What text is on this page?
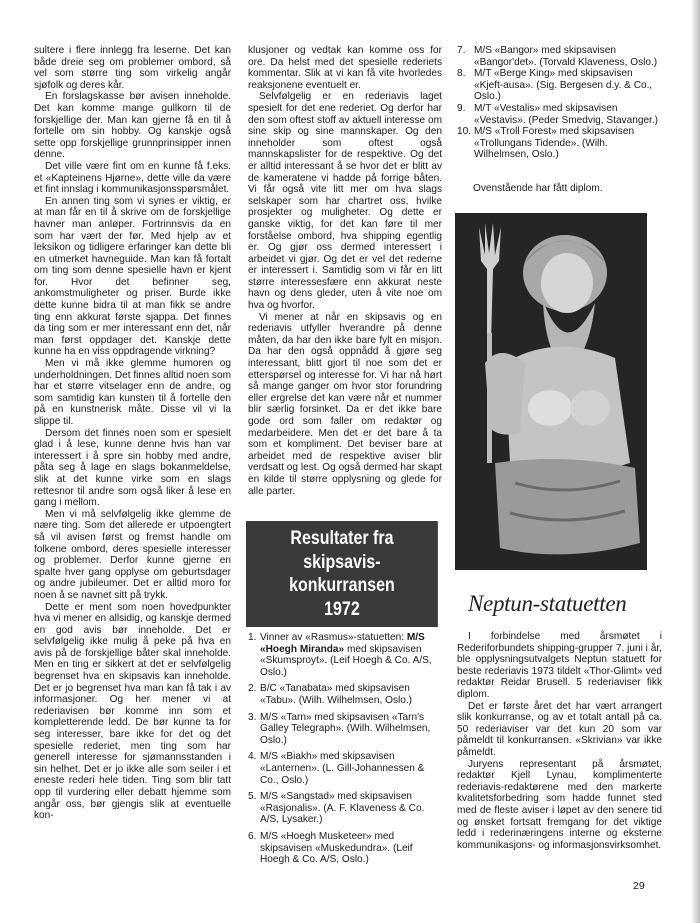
sultere i flere innlegg fra leserne. Det kan både dreie seg om problemer ombord, så vel som større ting som virkelig angår sjøfolk og deres kår.

En forslagskasse bør avisen inneholde. Det kan komme mange gullkorn til de forskjellige der. Man kan gjerne få en til å fortelle om sin hobby. Og kanskje også sette opp forskjellige grunnprinsipper innen denne.

Det ville være fint om en kunne få f.eks. et «Kapteinens Hjørne», dette ville da være et fint innslag i kommunikasjonsspørsmålet.

En annen ting som vi synes er viktig, er at man får en til å skrive om de forskjellige havner man anløper. Fortrinnsvis da en som har vært der før. Med hjelp av et leksikon og tidligere erfaringer kan dette bli en utmerket havneguide. Man kan få fortalt om ting som denne spesielle havn er kjent for. Hvor det befinner seg, ankomstmuligheter og priser. Burde ikke dette kunne bidra til at man fikk se andre ting enn akkurat første sjappa. Det finnes da ting som er mer interessant enn det, når man først oppdager det. Kanskje dette kunne ha en viss oppdragende virkning?

Men vi må ikke glemme humoren og underholdningen. Det finnes alltid noen som har et større vitselager enn de andre, og som samtidig kan kunsten til å fortelle den på en kunstnerisk måte. Disse vil vi la slippe til.

Dersom det finnes noen som er spesielt glad i å lese, kunne denne hvis han var interessert i å spre sin hobby med andre, påta seg å lage en slags bokanmeldelse, slik at det kunne virke som en slags rettesnor til andre som også liker å lese en gang i mellom.

Men vi må selvfølgelig ikke glemme de nære ting. Som det allerede er utpoengtert så vil avisen først og fremst handle om folkene ombord, deres spesielle interesser og problemer. Derfor kunne gjerne en spalte hver gang opplyse om geburtsdager og andre jubileumer. Det er alltid moro for noen å se navnet sitt på trykk.

Dette er ment som noen hovedpunkter hva vi mener en allsidig, og kanskje dermed en god avis bør inneholde. Det er selvfølgelig ikke mulig å peke på hva en avis på de forskjellige båter skal inneholde. Men en ting er sikkert at det er selvfølgelig begrenset hva en skipsavis kan inneholde. Det er jo begrenset hva man kan få tak i av informasjoner. Og her mener vi at rederiavisen bør komme inn som et kompletterende ledd. De bør kunne ta for seg interesser, bare ikke for det og det spesielle rederiet, men ting som har generell interesse for sjømannsstanden i sin helhet. Det er jo ikke alle som seiler i et eneste rederi hele tiden. Ting som blir tatt opp til vurdering eller debatt hjemme som angår oss, bør gjengis slik at eventuelle kon-

klusjoner og vedtak kan komme oss for ore. Da helst med det spesielle rederiets kommentar. Slik at vi kan få vite hvorledes reaksjonene eventuelt er.

Selvfølgelig er en rederiavis laget spesielt for det ene rederiet. Og derfor har den som oftest stoff av aktuell interesse om sine skip og sine mannskaper. Og den inneholder som oftest også mannskapslister for de respektive. Og det er alltid interessant å se hvor det er blitt av de kameratene vi hadde på forrige båten. Vi får også vite litt mer om hva slags selskaper som har chartret oss, hvilke prosjekter og muligheter. Og dette er ganske viktig, for det kan føre til mer forståelse ombord, hva shipping egentlig er. Og gjør oss dermed interessert i arbeidet vi gjør. Og det er vel det rederne er interessert i. Samtidig som vi får en litt større interessesfære enn akkurat neste havn og dens gleder, uten å vite noe om hva og hvorfor.

Vi mener at når en skipsavis og en rederiavis utfyller hverandre på denne måten, da har den ikke bare fylt en misjon. Da har den også oppnådd å gjøre seg interessant, blitt gjort til noe som det er etterspørsel og interesse for. Vi har nå hørt så mange ganger om hvor stor forundring eller ergrelse det kan være når et nummer blir særlig forsinket. Da er det ikke bare gode ord som faller om redaktør og medarbeidere. Men det er det bare å ta som et kompliment. Det beviser bare at arbeidet med de respektive aviser blir verdsatt og lest. Og også dermed har skapt en kilde til større opplysning og glede for alle parter.

Resultater fra
skipsavis-
konkurransen
1972
1. Vinner av «Rasmus»-statuetten: M/S «Hoegh Miranda» med skipsavisen «Skumsproyt». (Leif Hoegh & Co. A/S, Oslo.)
2. B/C «Tanabata» med skipsavisen «Tabu». (Wilh. Wilhelmsen, Oslo.)
3. M/S «Tarn» med skipsavisen «Tarn's Galley Telegraph». (Wilh. Wilhelmsen, Oslo.)
4. M/S «Biakh» med skipsavisen «Lanternen». (L. Gill-Johannessen & Co., Oslo.)
5. M/S «Sangstad» med skipsavisen «Rasjonalis». (A. F. Klaveness & Co. A/S, Lysaker.)
6. M/S «Hoegh Musketeer» med skipsavisen «Muskedundra». (Leif Hoegh & Co. A/S, Oslo.)
7. M/S «Bangor» med skipsavisen «Bangor'det». (Torvald Klaveness, Oslo.)
8. M/T «Berge King» med skipsavisen «Kjeft-ausa». (Sig. Bergesen d.y. & Co., Oslo.)
9. M/T «Vestalis» med skipsavisen «Vestavis». (Peder Smedvig, Stavanger.)
10. M/S «Troll Forest» med skipsavisen «Trollungans Tidende». (Wilh. Wilhelmsen, Oslo.)
Ovenstående har fått diplom.
Neptun-statuetten

I forbindelse med årsmøtet i Rederiforbundets shipping-grupper 7. juni i år, ble opplysningsutvalgets Neptun statuett for beste rederiavis 1973 tildelt «Thor-Glimt» ved redaktør Reidar Brusell. 5 rederiaviser fikk diplom.

Det er første året det har vært arrangert slik konkurranse, og av et totalt antall på ca. 50 rederiaviser var det kun 20 som var påmeldt til konkurransen. «Skrivian» var ikke påmeldt.

Juryens representant på årsmøtet, redaktør Kjell Lynau, komplimenterte rederiavis-redaktørene med den markerte kvalitetsforbedring som hadde funnet sted med de fleste aviser i løpet av den senere tid og ønsket fortsatt fremgang for det viktige ledd i rederinæringens interne og eksterne kommunikasjons- og informasjonsvirksomhet.

29
